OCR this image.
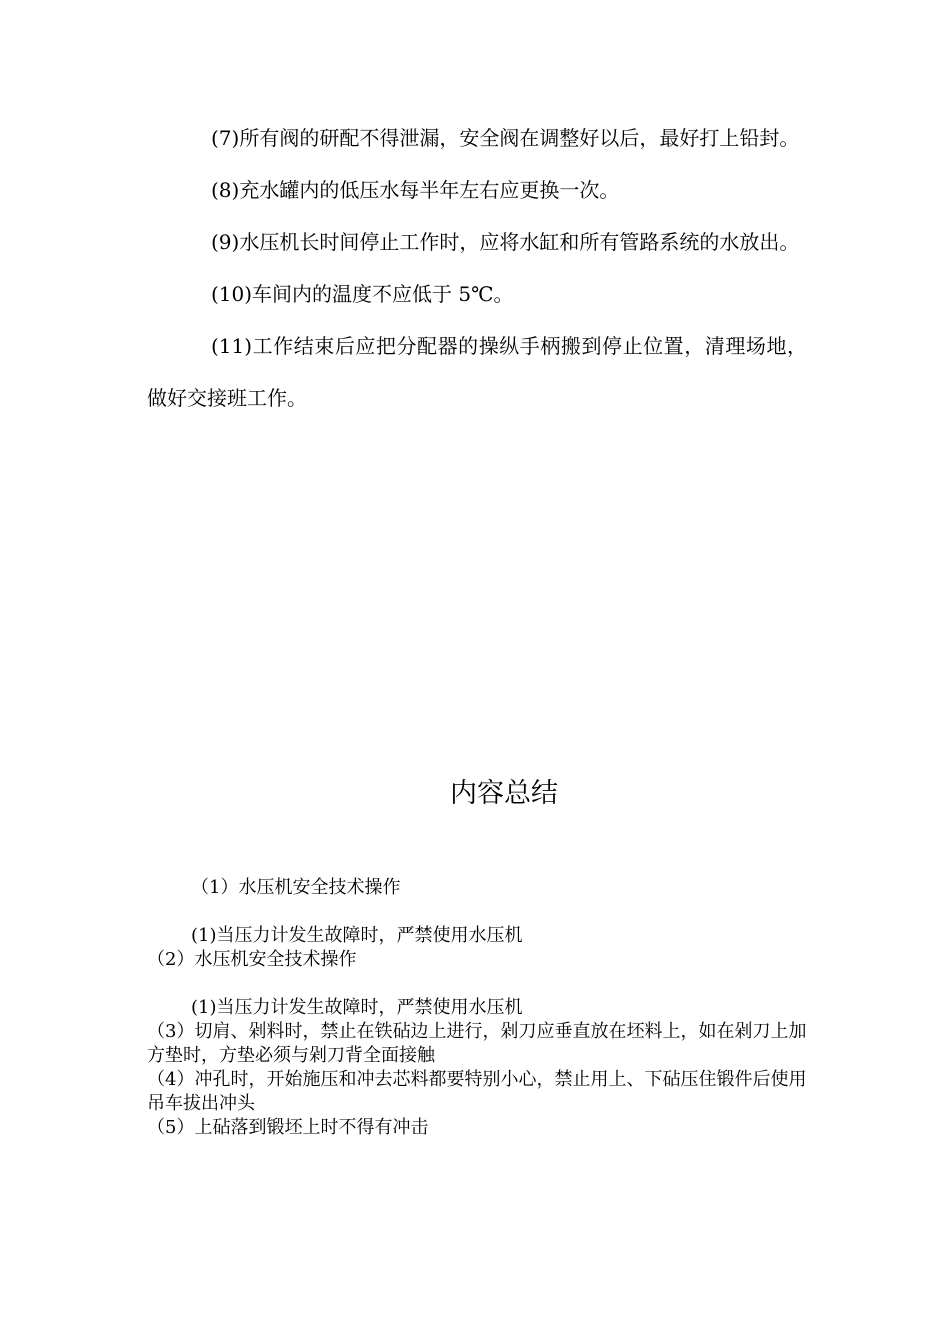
(7)所有阀的研配不得泄漏，安全阀在调整好以后，最好打上铅封。

(8)充水罐内的低压水每半年左右应更换一次。

(9)水压机长时间停止工作时，应将水缸和所有管路系统的水放出。

(10)车间内的温度不应低于 5℃。

(11)工作结束后应把分配器的操纵手柄搬到停止位置，清理场地，做好交接班工作。

内容总结

（1）水压机安全技术操作

(1)当压力计发生故障时，严禁使用水压机

（2）水压机安全技术操作

(1)当压力计发生故障时，严禁使用水压机

（3）切肩、剁料时，禁止在铁砧边上进行，剁刀应垂直放在坯料上，如在剁刀上加方垫时，方垫必须与剁刀背全面接触

（4）冲孔时，开始施压和冲去芯料都要特别小心，禁止用上、下砧压住锻件后使用吊车拔出冲头

（5）上砧落到锻坯上时不得有冲击
